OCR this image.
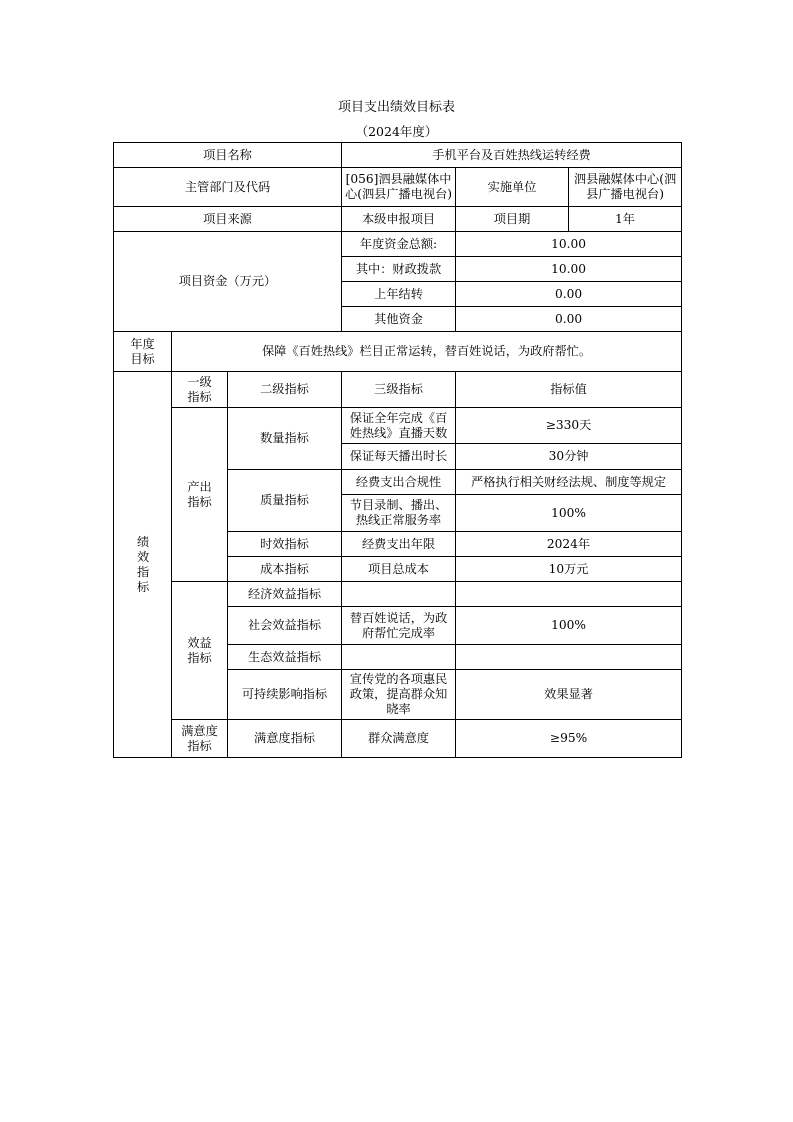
项目支出绩效目标表
（2024年度）
项目名称			手机平台及百姓热线运转经费		
主管部门及代码			[056]泗县融媒体中心(泗县广播电视台)	实施单位	泗县融媒体中心(泗县广播电视台)
项目来源			本级申报项目	项目期	1年
项目资金（万元）			年度资金总额:	10.00	
			其中：财政拨款	10.00	
			上年结转	0.00	
			其他资金	0.00	
年度目标	保障《百姓热线》栏目正常运转，替百姓说话，为政府帮忙。				
绩效指标	一级指标	二级指标	三级指标	指标值	
	产出指标	数量指标	保证全年完成《百姓热线》直播天数	≥330天	
			保证每天播出时长	30分钟	
		质量指标	经费支出合规性	严格执行相关财经法规、制度等规定	
			节目录制、播出、热线正常服务率	100%	
		时效指标	经费支出年限	2024年	
		成本指标	项目总成本	10万元	
	效益指标	经济效益指标			
		社会效益指标	替百姓说话，为政府帮忙完成率	100%	
		生态效益指标			
		可持续影响指标	宣传党的各项惠民政策，提高群众知晓率	效果显著	
	满意度指标	满意度指标	群众满意度	≥95%	
